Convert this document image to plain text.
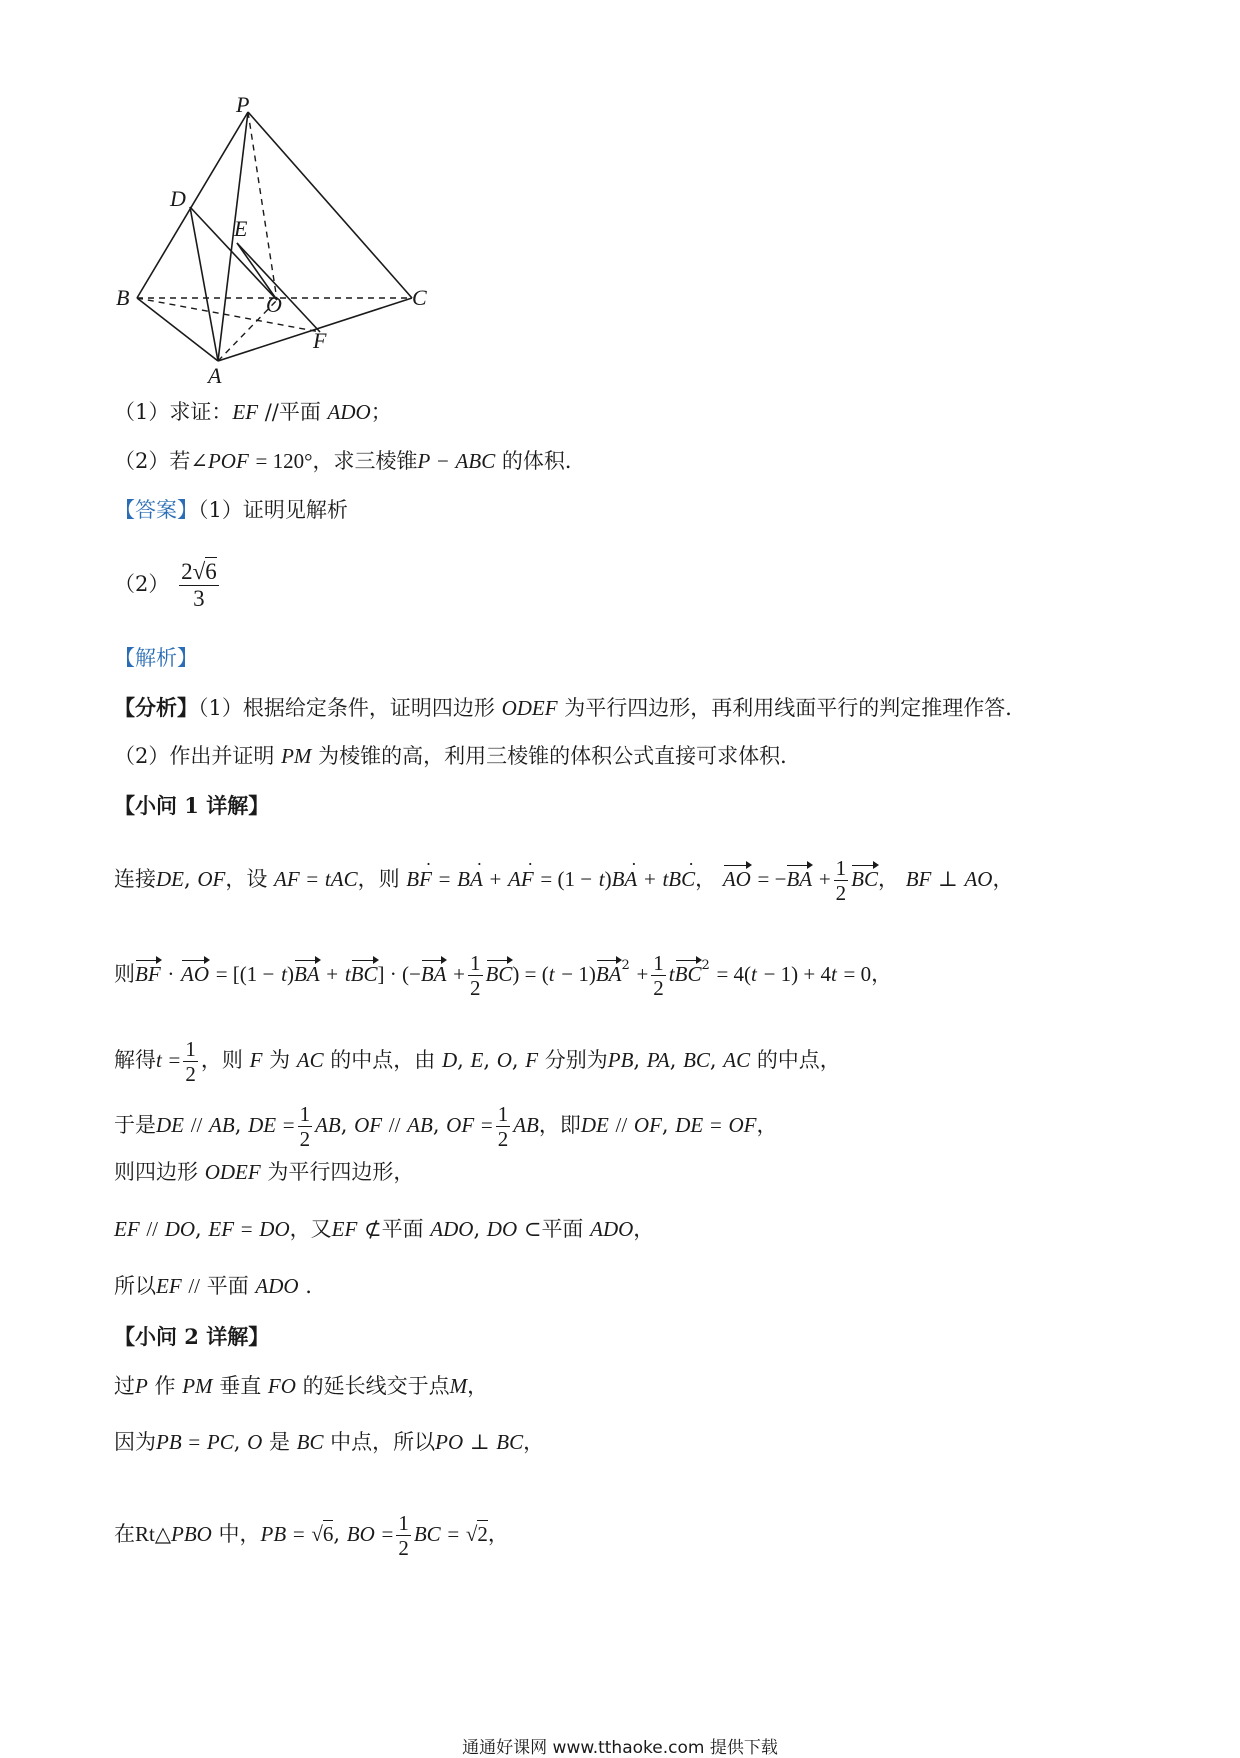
P
D
E
B	O	C
F
A
（1）求证：EF //平面 ADO；
（2）若∠POF = 120°，求三棱锥P − ABC 的体积．
【答案】（1）证明见解析
$(2) \frac{2√6}{3}$
【解析】
【分析】（1）根据给定条件，证明四边形 ODEF 为平行四边形，再利用线面平行的判定推理作答．
（2）作出并证明 PM 为棱锥的高，利用三棱锥的体积公式直接可求体积．
【小问 1 详解】
连接DE, OF，设 AF = tAC，则 B· F = B· A + A· F = (1 − t)B· A + tB· C， AO = $-BA + \frac{1}{2}$ BC， BF ⊥ AO，
则BF · AO = $[(1 - t)BA + tBC] \cdot (-BA + \frac{1}{2} BC) = (t - 1)BA^2 + \frac{1}{2} tBC^2 = 4(t - 1) + 4t = 0$，
解得$t = \frac{1}{2}$ ，则 F 为 AC 的中点，由 D, E, O, F 分别为PB, PA, BC, AC 的中点，
于是DE // AB, DE = $\frac{1}{2}$ AB, OF // AB, OF = $\frac{1}{2}$ AB，即DE // OF, DE = OF，
则四边形 ODEF 为平行四边形，
EF // DO, EF = DO，又EF ⊄平面 ADO, DO ⊂平面 ADO，
所以EF // 平面 ADO .
【小问 2 详解】
过P 作 PM 垂直 FO 的延长线交于点M，
因为PB = PC, O 是 BC 中点，所以PO ⊥ BC，
在Rt△PBO 中，PB = √6, BO = $\frac{1}{2}$ BC = √2，
通通好课网 www.tthaoke.com 提供下载
